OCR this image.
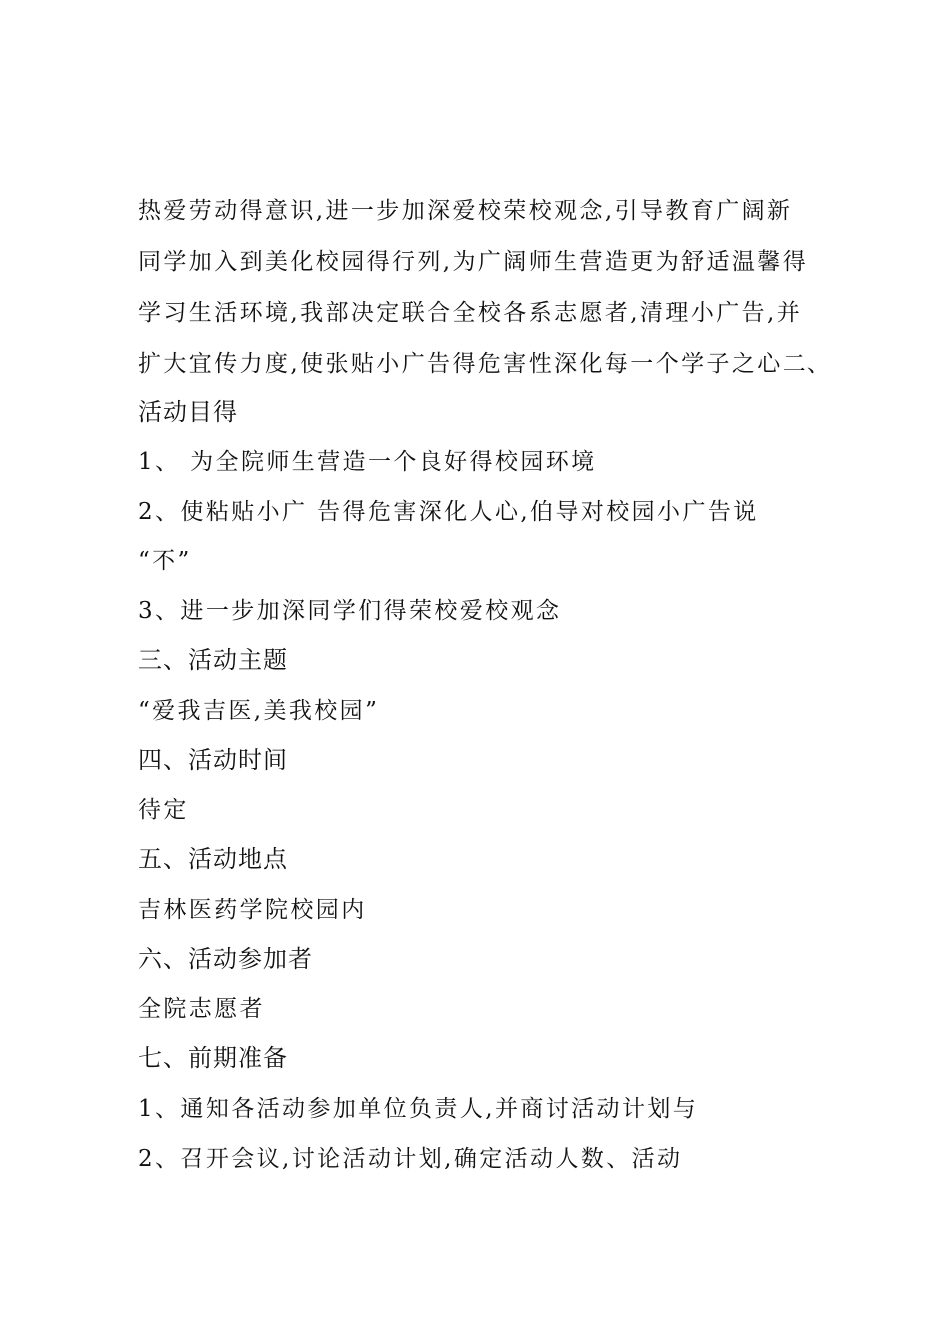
热爱劳动得意识,进一步加深爱校荣校观念,引导教育广阔新
同学加入到美化校园得行列,为广阔师生营造更为舒适温馨得
学习生活环境,我部决定联合全校各系志愿者,清理小广告,并
扩大宜传力度,使张贴小广告得危害性深化每一个学子之心二、
活动目得
1、 为全院师生营造一个良好得校园环境
2、使粘贴小广 告得危害深化人心,伯导对校园小广告说
“不”
3、进一步加深同学们得荣校爱校观念
三、活动主题
“爱我吉医,美我校园”
四、活动时间
待定
五、活动地点
吉林医药学院校园内
六、活动参加者
全院志愿者
七、前期准备
1、通知各活动参加单位负责人,并商讨活动计划与
2、召开会议,讨论活动计划,确定活动人数、活动
